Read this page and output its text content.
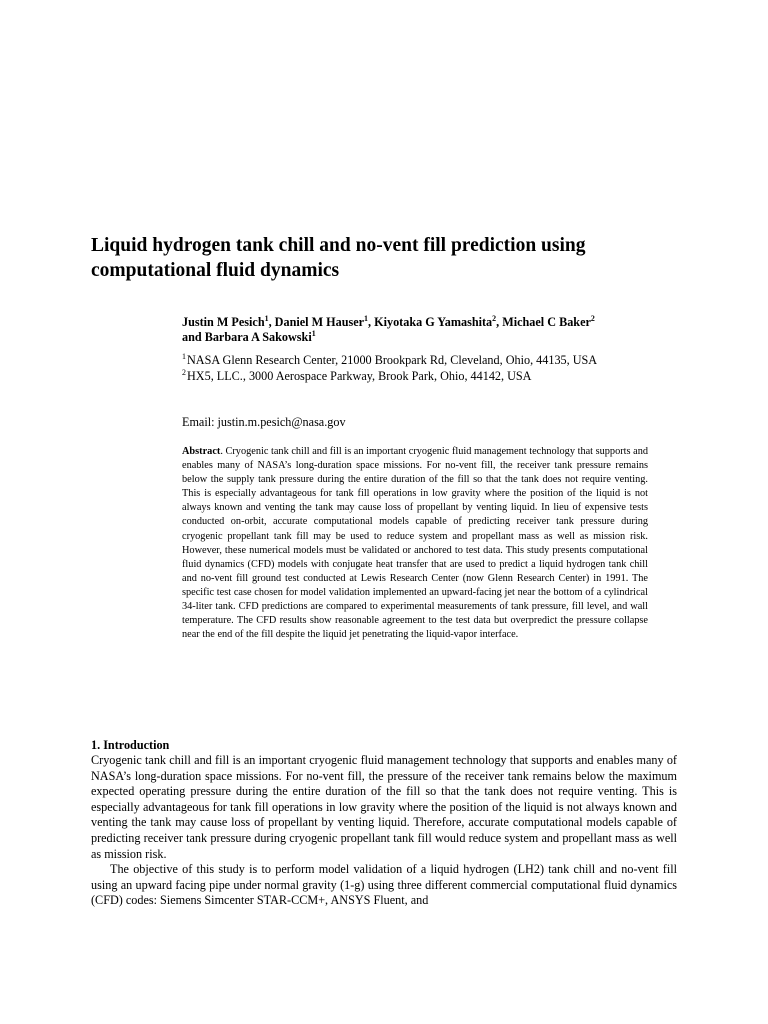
Liquid hydrogen tank chill and no-vent fill prediction using computational fluid dynamics
Justin M Pesich$^1$, Daniel M Hauser$^1$, Kiyotaka G Yamashita$^2$, Michael C Baker$^2$
and Barbara A Sakowski$^1$
$^1$ NASA Glenn Research Center, 21000 Brookpark Rd, Cleveland, Ohio, 44135, USA
$^2$ HX5, LLC., 3000 Aerospace Parkway, Brook Park, Ohio, 44142, USA
Email: justin.m.pesich@nasa.gov
Abstract. Cryogenic tank chill and fill is an important cryogenic fluid management technology that supports and enables many of NASA’s long-duration space missions. For no-vent fill, the receiver tank pressure remains below the supply tank pressure during the entire duration of the fill so that the tank does not require venting. This is especially advantageous for tank fill operations in low gravity where the position of the liquid is not always known and venting the tank may cause loss of propellant by venting liquid. In lieu of expensive tests conducted on-orbit, accurate computational models capable of predicting receiver tank pressure during cryogenic propellant tank fill may be used to reduce system and propellant mass as well as mission risk. However, these numerical models must be validated or anchored to test data. This study presents computational fluid dynamics (CFD) models with conjugate heat transfer that are used to predict a liquid hydrogen tank chill and no-vent fill ground test conducted at Lewis Research Center (now Glenn Research Center) in 1991. The specific test case chosen for model validation implemented an upward-facing jet near the bottom of a cylindrical 34-liter tank. CFD predictions are compared to experimental measurements of tank pressure, fill level, and wall temperature. The CFD results show reasonable agreement to the test data but overpredict the pressure collapse near the end of the fill despite the liquid jet penetrating the liquid-vapor interface.
1. Introduction

Cryogenic tank chill and fill is an important cryogenic fluid management technology that supports and enables many of NASA’s long-duration space missions. For no-vent fill, the pressure of the receiver tank remains below the maximum expected operating pressure during the entire duration of the fill so that the tank does not require venting. This is especially advantageous for tank fill operations in low gravity where the position of the liquid is not always known and venting the tank may cause loss of propellant by venting liquid. Therefore, accurate computational models capable of predicting receiver tank pressure during cryogenic propellant tank fill would reduce system and propellant mass as well as mission risk.

The objective of this study is to perform model validation of a liquid hydrogen (LH2) tank chill and no-vent fill using an upward facing pipe under normal gravity (1-g) using three different commercial computational fluid dynamics (CFD) codes: Siemens Simcenter STAR-CCM+, ANSYS Fluent, and
